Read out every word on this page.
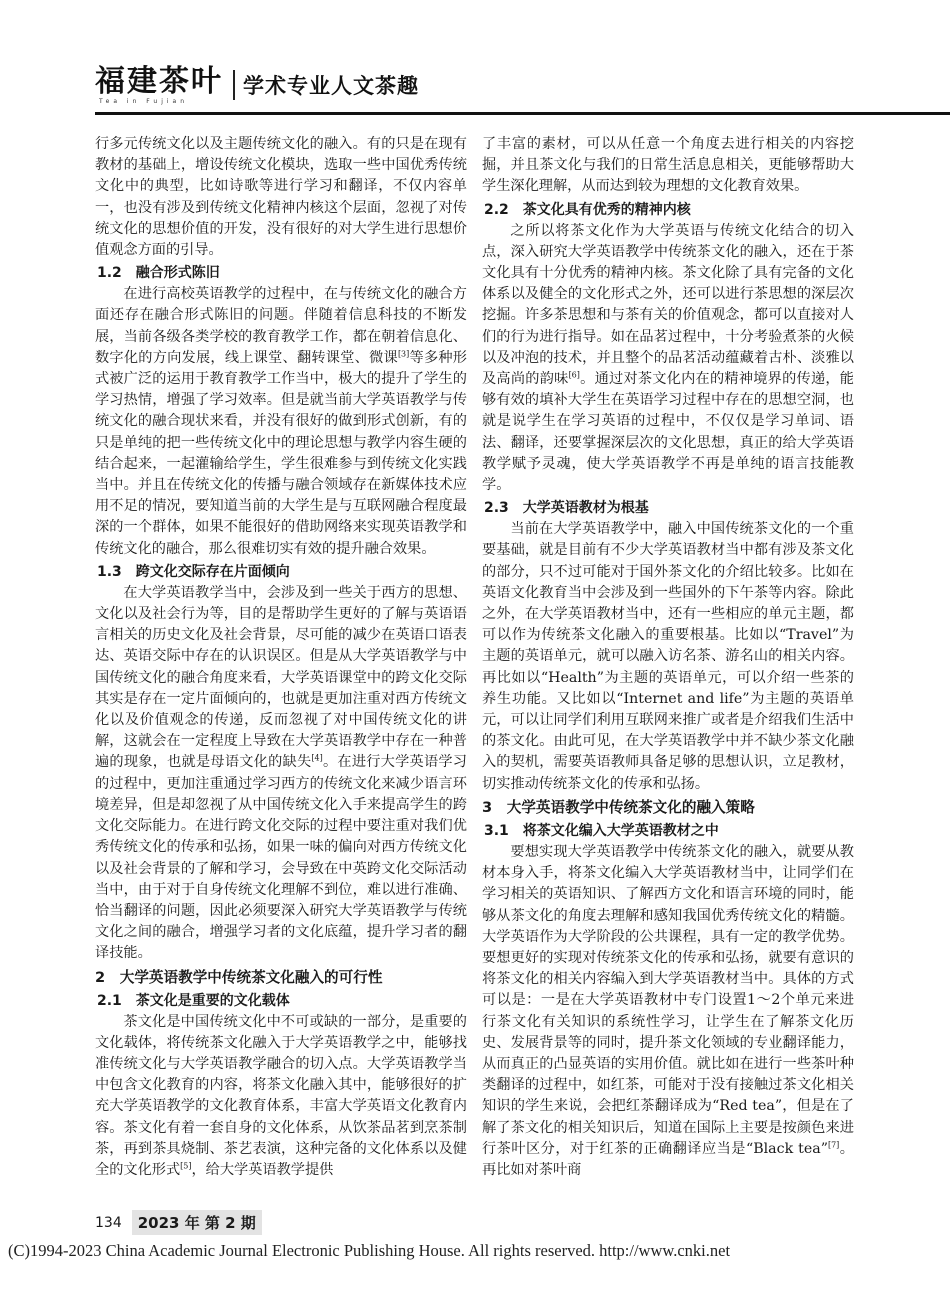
福建茶叶
Tea in Fujian
学术专业人文茶趣

行多元传统文化以及主题传统文化的融入。有的只是在现有教材的基础上，增设传统文化模块，选取一些中国优秀传统文化中的典型，比如诗歌等进行学习和翻译，不仅内容单一，也没有涉及到传统文化精神内核这个层面，忽视了对传统文化的思想价值的开发，没有很好的对大学生进行思想价值观念方面的引导。

1.2　融合形式陈旧

在进行高校英语教学的过程中，在与传统文化的融合方面还存在融合形式陈旧的问题。伴随着信息科技的不断发展，当前各级各类学校的教育教学工作，都在朝着信息化、数字化的方向发展，线上课堂、翻转课堂、微课[3]等多种形式被广泛的运用于教育教学工作当中，极大的提升了学生的学习热情，增强了学习效率。但是就当前大学英语教学与传统文化的融合现状来看，并没有很好的做到形式创新，有的只是单纯的把一些传统文化中的理论思想与教学内容生硬的结合起来，一起灌输给学生，学生很难参与到传统文化实践当中。并且在传统文化的传播与融合领域存在新媒体技术应用不足的情况，要知道当前的大学生是与互联网融合程度最深的一个群体，如果不能很好的借助网络来实现英语教学和传统文化的融合，那么很难切实有效的提升融合效果。

1.3　跨文化交际存在片面倾向

在大学英语教学当中，会涉及到一些关于西方的思想、文化以及社会行为等，目的是帮助学生更好的了解与英语语言相关的历史文化及社会背景，尽可能的减少在英语口语表达、英语交际中存在的认识误区。但是从大学英语教学与中国传统文化的融合角度来看，大学英语课堂中的跨文化交际其实是存在一定片面倾向的，也就是更加注重对西方传统文化以及价值观念的传递，反而忽视了对中国传统文化的讲解，这就会在一定程度上导致在大学英语教学中存在一种普遍的现象，也就是母语文化的缺失[4]。在进行大学英语学习的过程中，更加注重通过学习西方的传统文化来减少语言环境差异，但是却忽视了从中国传统文化入手来提高学生的跨文化交际能力。在进行跨文化交际的过程中要注重对我们优秀传统文化的传承和弘扬，如果一味的偏向对西方传统文化以及社会背景的了解和学习，会导致在中英跨文化交际活动当中，由于对于自身传统文化理解不到位，难以进行准确、恰当翻译的问题，因此必须要深入研究大学英语教学与传统文化之间的融合，增强学习者的文化底蕴，提升学习者的翻译技能。

2　大学英语教学中传统茶文化融入的可行性
2.1　茶文化是重要的文化载体

茶文化是中国传统文化中不可或缺的一部分，是重要的文化载体，将传统茶文化融入于大学英语教学之中，能够找准传统文化与大学英语教学融合的切入点。大学英语教学当中包含文化教育的内容，将茶文化融入其中，能够很好的扩充大学英语教学的文化教育体系，丰富大学英语文化教育内容。茶文化有着一套自身的文化体系，从饮茶品茗到烹茶制茶，再到茶具烧制、茶艺表演，这种完备的文化体系以及健全的文化形式[5]，给大学英语教学提供

了丰富的素材，可以从任意一个角度去进行相关的内容挖掘，并且茶文化与我们的日常生活息息相关，更能够帮助大学生深化理解，从而达到较为理想的文化教育效果。

2.2　茶文化具有优秀的精神内核

之所以将茶文化作为大学英语与传统文化结合的切入点，深入研究大学英语教学中传统茶文化的融入，还在于茶文化具有十分优秀的精神内核。茶文化除了具有完备的文化体系以及健全的文化形式之外，还可以进行茶思想的深层次挖掘。许多茶思想和与茶有关的价值观念，都可以直接对人们的行为进行指导。如在品茗过程中，十分考验煮茶的火候以及冲泡的技术，并且整个的品茗活动蕴藏着古朴、淡雅以及高尚的韵味[6]。通过对茶文化内在的精神境界的传递，能够有效的填补大学生在英语学习过程中存在的思想空洞，也就是说学生在学习英语的过程中，不仅仅是学习单词、语法、翻译，还要掌握深层次的文化思想，真正的给大学英语教学赋予灵魂，使大学英语教学不再是单纯的语言技能教学。

2.3　大学英语教材为根基

当前在大学英语教学中，融入中国传统茶文化的一个重要基础，就是目前有不少大学英语教材当中都有涉及茶文化的部分，只不过可能对于国外茶文化的介绍比较多。比如在英语文化教育当中会涉及到一些国外的下午茶等内容。除此之外，在大学英语教材当中，还有一些相应的单元主题，都可以作为传统茶文化融入的重要根基。比如以“Travel”为主题的英语单元，就可以融入访名茶、游名山的相关内容。再比如以“Health”为主题的英语单元，可以介绍一些茶的养生功能。又比如以“Internet and life”为主题的英语单元，可以让同学们利用互联网来推广或者是介绍我们生活中的茶文化。由此可见，在大学英语教学中并不缺少茶文化融入的契机，需要英语教师具备足够的思想认识，立足教材，切实推动传统茶文化的传承和弘扬。

3　大学英语教学中传统茶文化的融入策略
3.1　将茶文化编入大学英语教材之中

要想实现大学英语教学中传统茶文化的融入，就要从教材本身入手，将茶文化编入大学英语教材当中，让同学们在学习相关的英语知识、了解西方文化和语言环境的同时，能够从茶文化的角度去理解和感知我国优秀传统文化的精髓。大学英语作为大学阶段的公共课程，具有一定的教学优势。要想更好的实现对传统茶文化的传承和弘扬，就要有意识的将茶文化的相关内容编入到大学英语教材当中。具体的方式可以是：一是在大学英语教材中专门设置1～2个单元来进行茶文化有关知识的系统性学习，让学生在了解茶文化历史、发展背景等的同时，提升茶文化领域的专业翻译能力，从而真正的凸显英语的实用价值。就比如在进行一些茶叶种类翻译的过程中，如红茶，可能对于没有接触过茶文化相关知识的学生来说，会把红茶翻译成为“Red tea”，但是在了解了茶文化的相关知识后，知道在国际上主要是按颜色来进行茶叶区分，对于红茶的正确翻译应当是“Black tea”[7]。再比如对茶叶商

134	2023 年 第 2 期
(C)1994-2023 China Academic Journal Electronic Publishing House. All rights reserved. http://www.cnki.net
